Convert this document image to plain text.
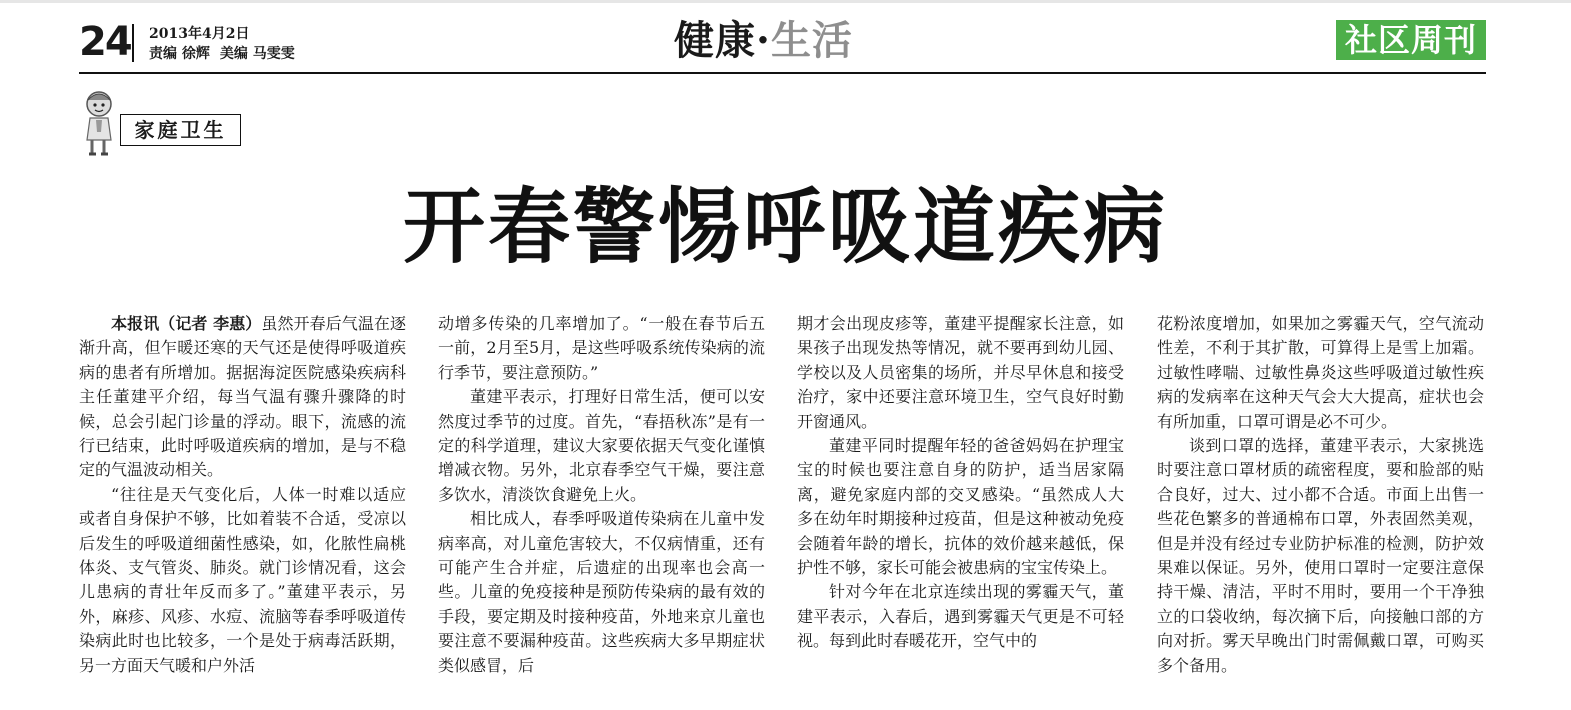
24 2013年4月2日
责编 徐辉 美编 马雯雯	健康·生活	社区周刊
家庭卫生
开春警惕呼吸道疾病

本报讯（记者 李惠）虽然开春后气温在逐渐升高，但乍暖还寒的天气还是使得呼吸道疾病的患者有所增加。据据海淀医院感染疾病科主任董建平介绍，每当气温有骤升骤降的时候，总会引起门诊量的浮动。眼下，流感的流行已结束，此时呼吸道疾病的增加，是与不稳定的气温波动相关。

“往往是天气变化后，人体一时难以适应或者自身保护不够，比如着装不合适，受凉以后发生的呼吸道细菌性感染，如，化脓性扁桃体炎、支气管炎、肺炎。就门诊情况看，这会儿患病的青壮年反而多了。”董建平表示，另外，麻疹、风疹、水痘、流脑等春季呼吸道传染病此时也比较多，一个是处于病毒活跃期，另一方面天气暖和户外活

动增多传染的几率增加了。“一般在春节后五一前，2月至5月，是这些呼吸系统传染病的流行季节，要注意预防。”

董建平表示，打理好日常生活，便可以安然度过季节的过度。首先，“春捂秋冻”是有一定的科学道理，建议大家要依据天气变化谨慎增减衣物。另外，北京春季空气干燥，要注意多饮水，清淡饮食避免上火。

相比成人，春季呼吸道传染病在儿童中发病率高，对儿童危害较大，不仅病情重，还有可能产生合并症，后遗症的出现率也会高一些。儿童的免疫接种是预防传染病的最有效的手段，要定期及时接种疫苗，外地来京儿童也要注意不要漏种疫苗。这些疾病大多早期症状类似感冒，后

期才会出现皮疹等，董建平提醒家长注意，如果孩子出现发热等情况，就不要再到幼儿园、学校以及人员密集的场所，并尽早休息和接受治疗，家中还要注意环境卫生，空气良好时勤开窗通风。

董建平同时提醒年轻的爸爸妈妈在护理宝宝的时候也要注意自身的防护，适当居家隔离，避免家庭内部的交叉感染。“虽然成人大多在幼年时期接种过疫苗，但是这种被动免疫会随着年龄的增长，抗体的效价越来越低，保护性不够，家长可能会被患病的宝宝传染上。

针对今年在北京连续出现的雾霾天气，董建平表示，入春后，遇到雾霾天气更是不可轻视。每到此时春暖花开，空气中的

花粉浓度增加，如果加之雾霾天气，空气流动性差，不利于其扩散，可算得上是雪上加霜。过敏性哮喘、过敏性鼻炎这些呼吸道过敏性疾病的发病率在这种天气会大大提高，症状也会有所加重，口罩可谓是必不可少。

谈到口罩的选择，董建平表示，大家挑选时要注意口罩材质的疏密程度，要和脸部的贴合良好，过大、过小都不合适。市面上出售一些花色繁多的普通棉布口罩，外表固然美观，但是并没有经过专业防护标准的检测，防护效果难以保证。另外，使用口罩时一定要注意保持干燥、清洁，平时不用时，要用一个干净独立的口袋收纳，每次摘下后，向接触口部的方向对折。雾天早晚出门时需佩戴口罩，可购买多个备用。
